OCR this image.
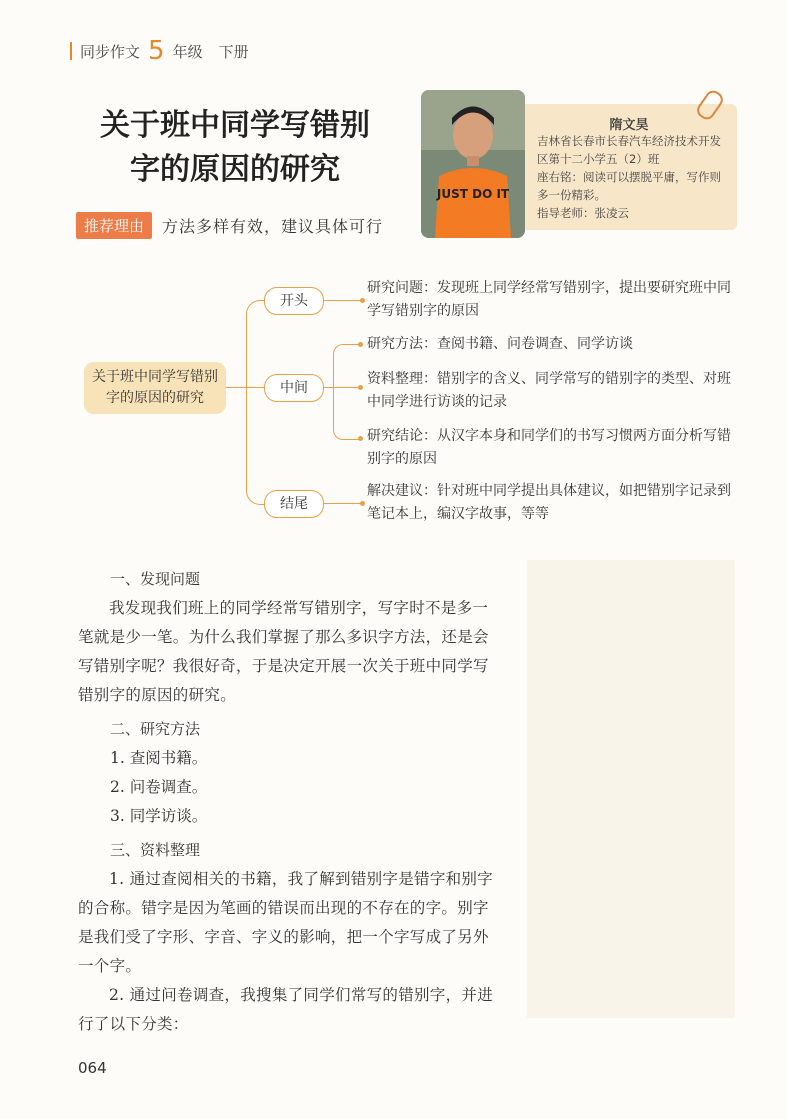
同步作文 5 年级 下册
关于班中同学写错别
字的原因的研究
推荐理由	方法多样有效，建议具体可行
JUST DO IT
隋文昊
吉林省长春市长春汽车经济技术开发区第十二小学五（2）班
座右铭：阅读可以摆脱平庸，写作则多一份精彩。
指导老师：张凌云
关于班中同学写错别字的原因的研究
开头
中间
结尾
研究问题：发现班上同学经常写错别字，提出要研究班中同学写错别字的原因
研究方法：查阅书籍、问卷调查、同学访谈
资料整理：错别字的含义、同学常写的错别字的类型、对班中同学进行访谈的记录
研究结论：从汉字本身和同学们的书写习惯两方面分析写错别字的原因
解决建议：针对班中同学提出具体建议，如把错别字记录到笔记本上，编汉字故事，等等
一、发现问题

我发现我们班上的同学经常写错别字，写字时不是多一笔就是少一笔。为什么我们掌握了那么多识字方法，还是会写错别字呢？我很好奇，于是决定开展一次关于班中同学写错别字的原因的研究。

二、研究方法
1. 查阅书籍。
2. 问卷调查。
3. 同学访谈。
三、资料整理

1. 通过查阅相关的书籍，我了解到错别字是错字和别字的合称。错字是因为笔画的错误而出现的不存在的字。别字是我们受了字形、字音、字义的影响，把一个字写成了另外一个字。

2. 通过问卷调查，我搜集了同学们常写的错别字，并进行了以下分类：

064
